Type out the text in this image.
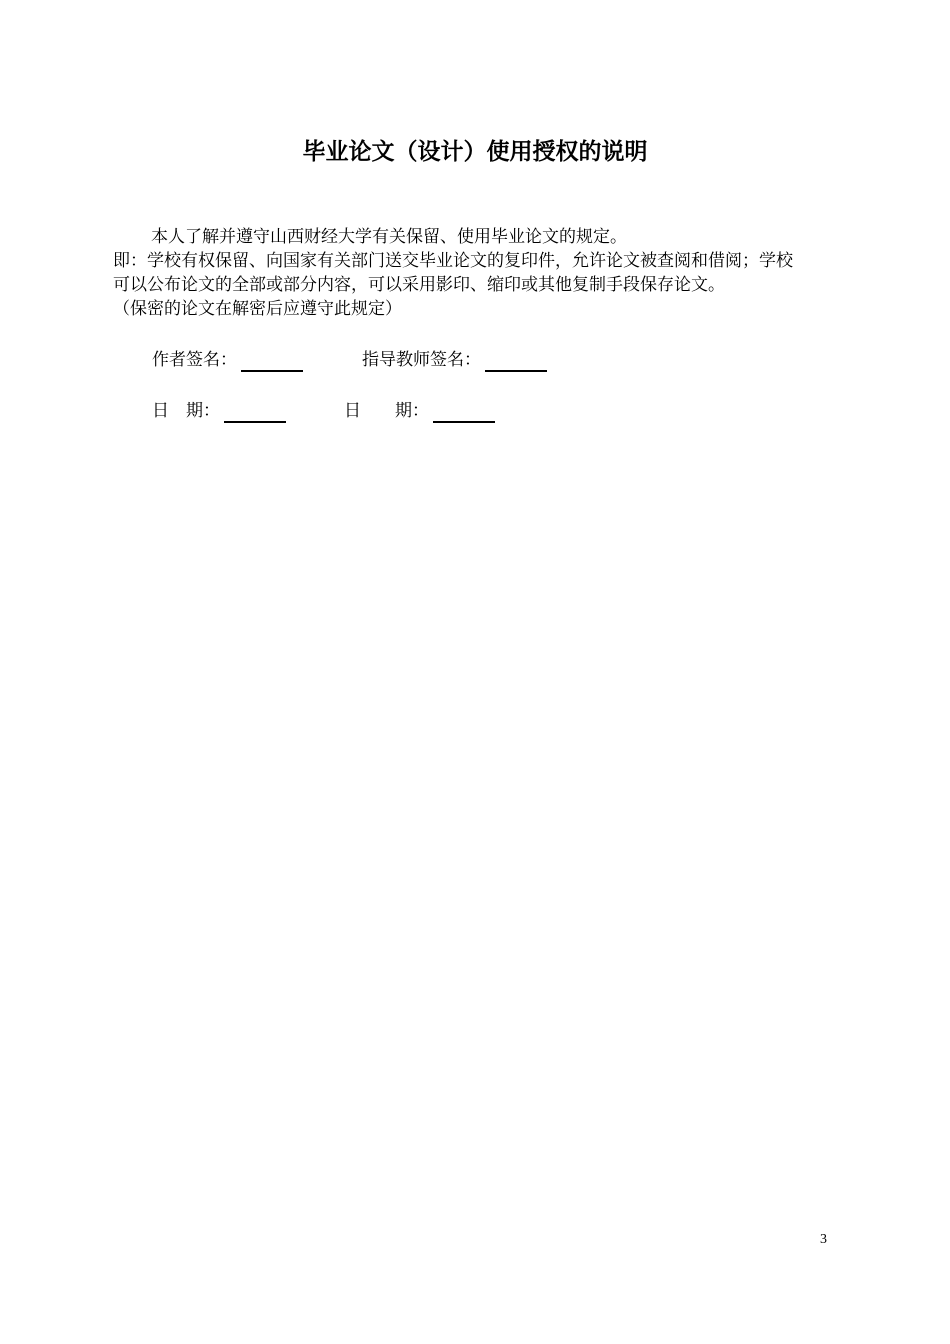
毕业论文（设计）使用授权的说明
本人了解并遵守山西财经大学有关保留、使用毕业论文的规定。
即：学校有权保留、向国家有关部门送交毕业论文的复印件，允许论文被查阅和借阅；学校
可以公布论文的全部或部分内容，可以采用影印、缩印或其他复制手段保存论文。
（保密的论文在解密后应遵守此规定）
作者签名：	指导教师签名：
日　期：	日　　期：
3
